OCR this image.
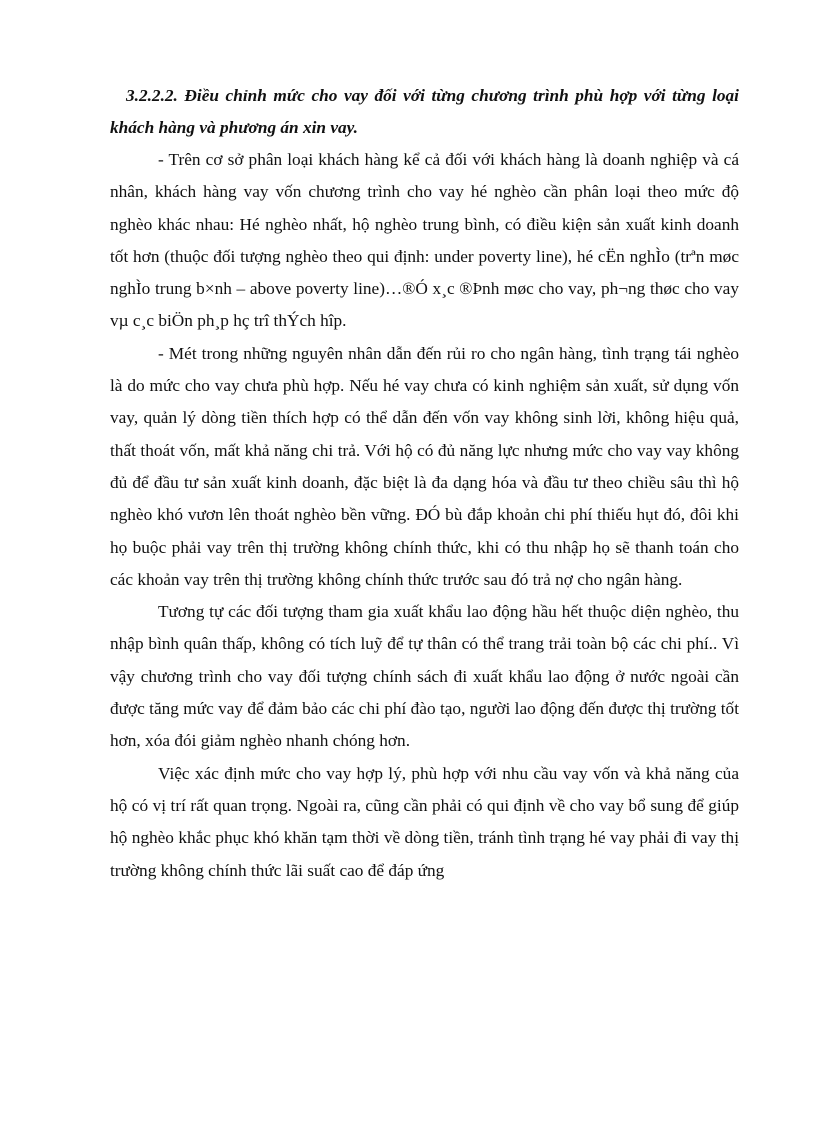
3.2.2.2. Điều chỉnh mức cho vay đối với từng chương trình phù hợp với từng loại khách hàng và phương án xin vay.

- Trên cơ sở phân loại khách hàng kể cả đối với khách hàng là doanh nghiệp và cá nhân, khách hàng vay vốn chương trình cho vay hé nghèo cần phân loại theo mức độ nghèo khác nhau: Hé nghèo nhất, hộ nghèo trung bình, có điều kiện sản xuất kinh doanh tốt hơn (thuộc đối tượng nghèo theo qui định: under poverty line), hé cËn nghÌo (trªn møc nghÌo trung b×nh – above poverty line)…®Ó x¸c ®Þnh møc cho vay, ph¬ng thøc cho vay vµ c¸c biÖn ph¸p hç trî thÝch hîp.

- Mét trong những nguyên nhân dẫn đến rủi ro cho ngân hàng, tình trạng tái nghèo là do mức cho vay chưa phù hợp. Nếu hé vay chưa có kinh nghiệm sản xuất, sử dụng vốn vay, quản lý dòng tiền thích hợp có thể dẫn đến vốn vay không sinh lời, không hiệu quả, thất thoát vốn, mất khả năng chi trả. Với hộ có đủ năng lực nhưng mức cho vay vay không đủ để đầu tư sản xuất kinh doanh, đặc biệt là đa dạng hóa và đầu tư theo chiều sâu thì hộ nghèo khó vươn lên thoát nghèo bền vững. ĐÓ bù đắp khoản chi phí thiếu hụt đó, đôi khi họ buộc phải vay trên thị trường không chính thức, khi có thu nhập họ sẽ thanh toán cho các khoản vay trên thị trường không chính thức trước sau đó trả nợ cho ngân hàng.

Tương tự các đối tượng tham gia xuất khẩu lao động hầu hết thuộc diện nghèo, thu nhập bình quân thấp, không có tích luỹ để tự thân có thể trang trải toàn bộ các chi phí.. Vì vậy chương trình cho vay đối tượng chính sách đi xuất khẩu lao động ở nước ngoài cần được tăng mức vay để đảm bảo các chi phí đào tạo, người lao động đến được thị trường tốt hơn, xóa đói giảm nghèo nhanh chóng hơn.

Việc xác định mức cho vay hợp lý, phù hợp với nhu cầu vay vốn và khả năng của hộ có vị trí rất quan trọng. Ngoài ra, cũng cần phải có qui định về cho vay bổ sung để giúp hộ nghèo khắc phục khó khăn tạm thời về dòng tiền, tránh tình trạng hé vay phải đi vay thị trường không chính thức lãi suất cao để đáp ứng
